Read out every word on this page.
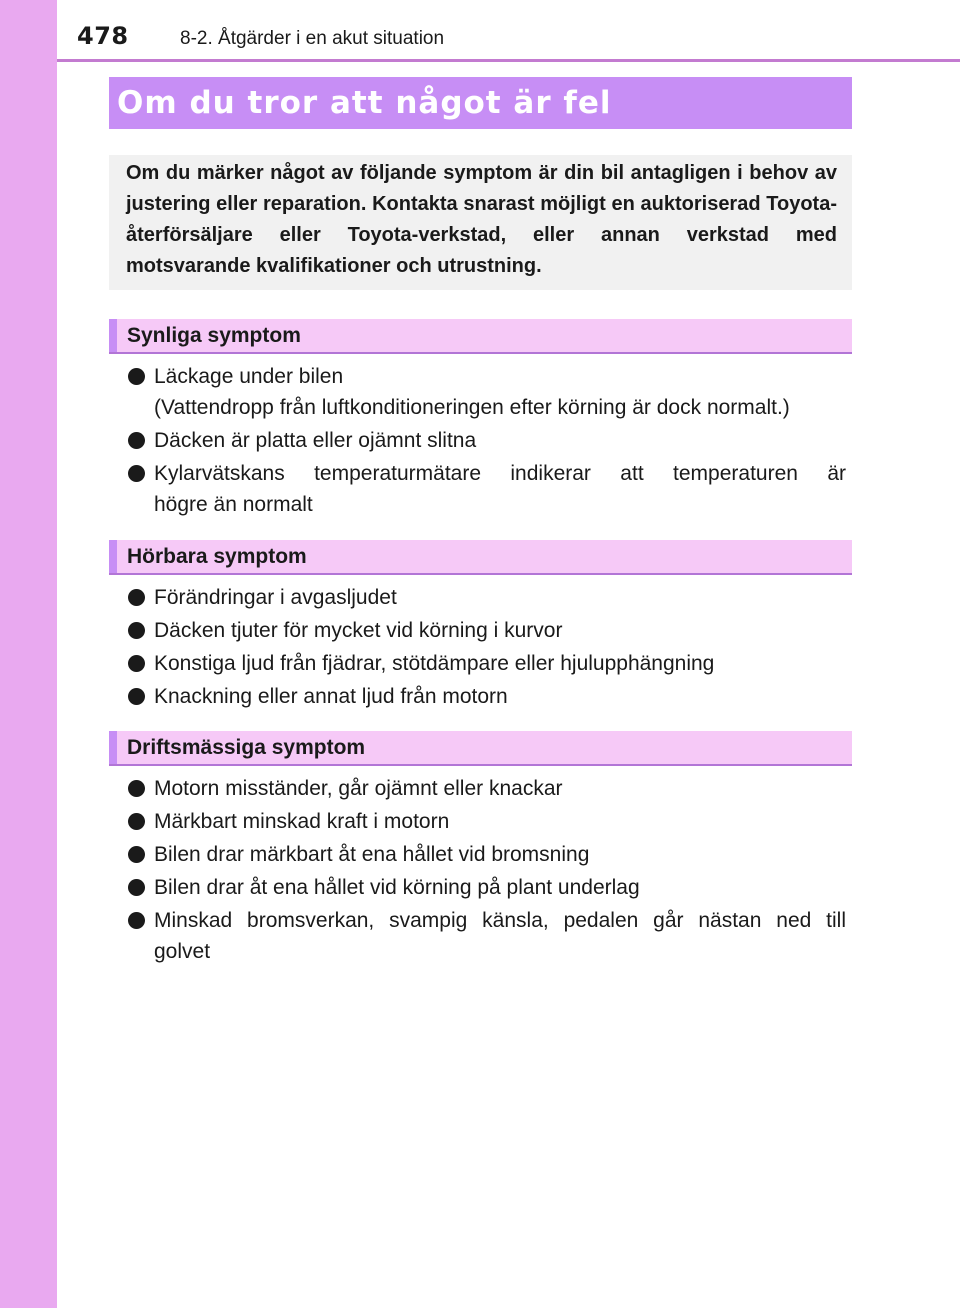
478	8-2. Åtgärder i en akut situation
Om du tror att något är fel

Om du märker något av följande symptom är din bil antagligen i behov av justering eller reparation. Kontakta snarast möjligt en auktoriserad Toyota-återförsäljare eller Toyota-verkstad, eller annan verkstad med motsvarande kvalifikationer och utrustning.

Synliga symptom
Läckage under bilen
(Vattendropp från luftkonditioneringen efter körning är dock normalt.)
Däcken är platta eller ojämnt slitna
Kylarvätskans temperaturmätare indikerar att temperaturen är
högre än normalt
Hörbara symptom
Förändringar i avgasljudet
Däcken tjuter för mycket vid körning i kurvor
Konstiga ljud från fjädrar, stötdämpare eller hjulupphängning
Knackning eller annat ljud från motorn
Driftsmässiga symptom
Motorn misständer, går ojämnt eller knackar
Märkbart minskad kraft i motorn
Bilen drar märkbart åt ena hållet vid bromsning
Bilen drar åt ena hållet vid körning på plant underlag
Minskad bromsverkan, svampig känsla, pedalen går nästan ned till
golvet
